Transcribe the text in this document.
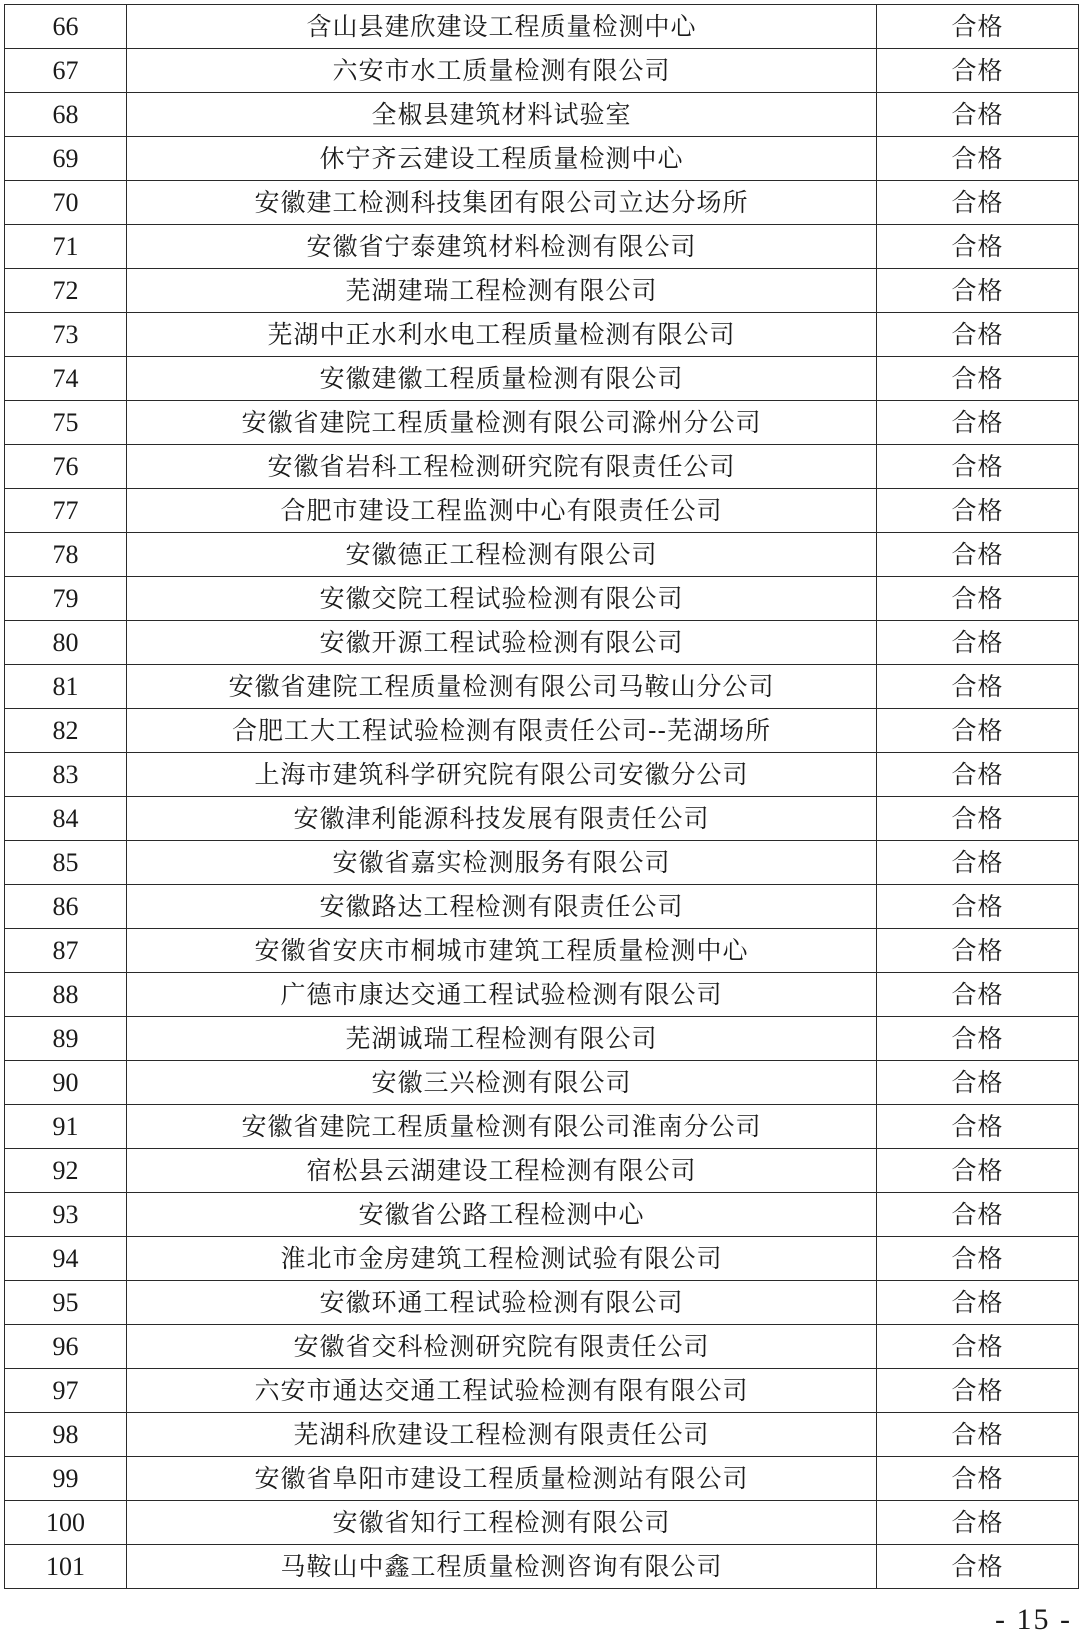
66	含山县建欣建设工程质量检测中心	合格
67	六安市水工质量检测有限公司	合格
68	全椒县建筑材料试验室	合格
69	休宁齐云建设工程质量检测中心	合格
70	安徽建工检测科技集团有限公司立达分场所	合格
71	安徽省宁泰建筑材料检测有限公司	合格
72	芜湖建瑞工程检测有限公司	合格
73	芜湖中正水利水电工程质量检测有限公司	合格
74	安徽建徽工程质量检测有限公司	合格
75	安徽省建院工程质量检测有限公司滁州分公司	合格
76	安徽省岩科工程检测研究院有限责任公司	合格
77	合肥市建设工程监测中心有限责任公司	合格
78	安徽德正工程检测有限公司	合格
79	安徽交院工程试验检测有限公司	合格
80	安徽开源工程试验检测有限公司	合格
81	安徽省建院工程质量检测有限公司马鞍山分公司	合格
82	合肥工大工程试验检测有限责任公司--芜湖场所	合格
83	上海市建筑科学研究院有限公司安徽分公司	合格
84	安徽津利能源科技发展有限责任公司	合格
85	安徽省嘉实检测服务有限公司	合格
86	安徽路达工程检测有限责任公司	合格
87	安徽省安庆市桐城市建筑工程质量检测中心	合格
88	广德市康达交通工程试验检测有限公司	合格
89	芜湖诚瑞工程检测有限公司	合格
90	安徽三兴检测有限公司	合格
91	安徽省建院工程质量检测有限公司淮南分公司	合格
92	宿松县云湖建设工程检测有限公司	合格
93	安徽省公路工程检测中心	合格
94	淮北市金房建筑工程检测试验有限公司	合格
95	安徽环通工程试验检测有限公司	合格
96	安徽省交科检测研究院有限责任公司	合格
97	六安市通达交通工程试验检测有限有限公司	合格
98	芜湖科欣建设工程检测有限责任公司	合格
99	安徽省阜阳市建设工程质量检测站有限公司	合格
100	安徽省知行工程检测有限公司	合格
101	马鞍山中鑫工程质量检测咨询有限公司	合格
- 15 -
